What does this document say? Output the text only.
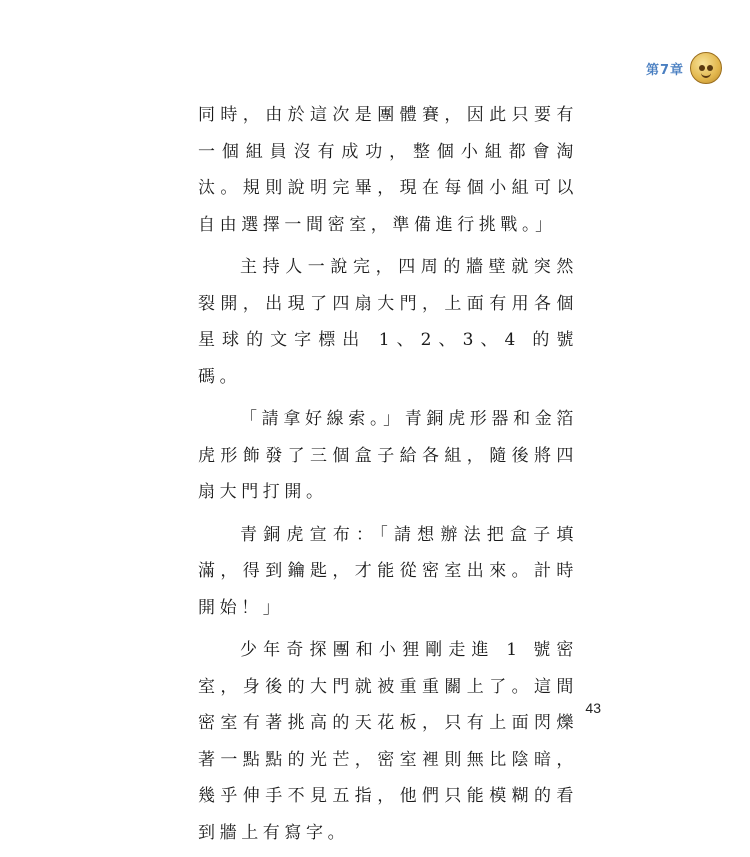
第7章

同時，由於這次是團體賽，因此只要有一個組員沒有成功，整個小組都會淘汰。規則說明完畢，現在每個小組可以自由選擇一間密室，準備進行挑戰。」

主持人一說完，四周的牆壁就突然裂開，出現了四扇大門，上面有用各個星球的文字標出 1、2、3、4 的號碼。

「請拿好線索。」青銅虎形器和金箔虎形飾發了三個盒子給各組，隨後將四扇大門打開。

青銅虎宣布：「請想辦法把盒子填滿，得到鑰匙，才能從密室出來。計時開始！」

少年奇探團和小狸剛走進 1 號密室，身後的大門就被重重關上了。這間密室有著挑高的天花板，只有上面閃爍著一點點的光芒，密室裡則無比陰暗，幾乎伸手不見五指，他們只能模糊的看到牆上有寫字。

43
